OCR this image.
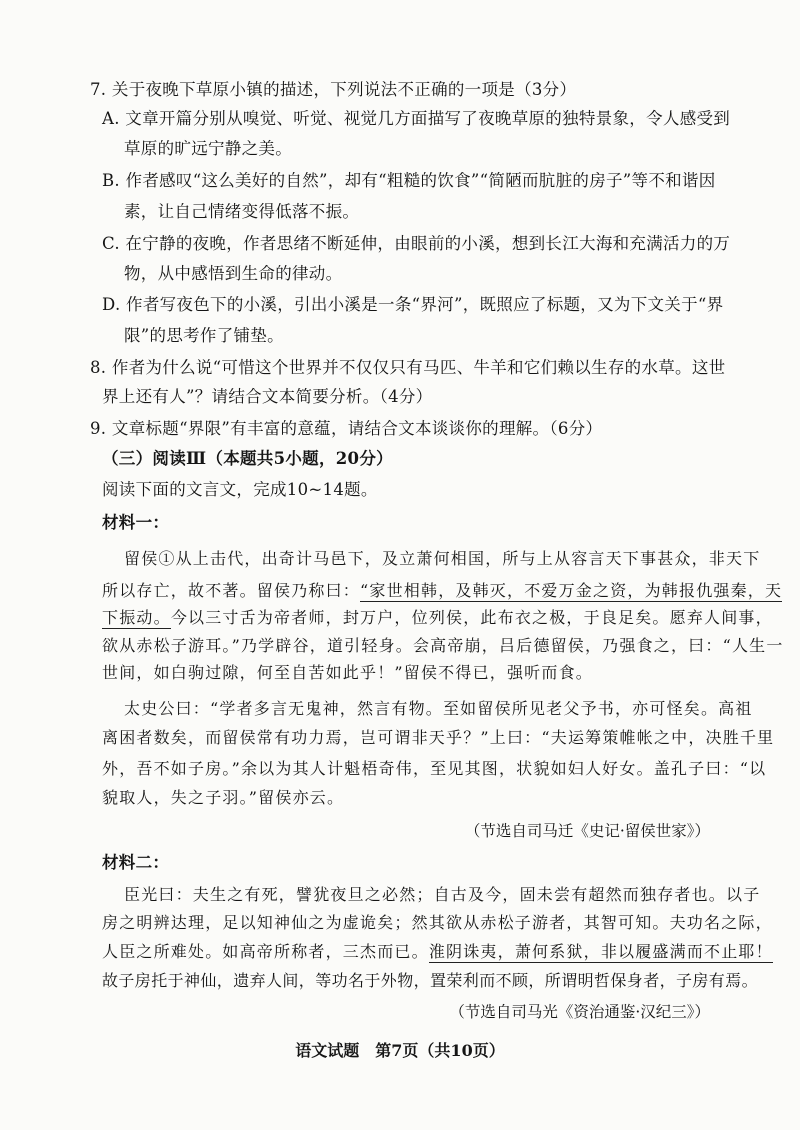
7. 关于夜晚下草原小镇的描述，下列说法不正确的一项是（3分）
A. 文章开篇分别从嗅觉、听觉、视觉几方面描写了夜晚草原的独特景象，令人感受到
草原的旷远宁静之美。
B. 作者感叹“这么美好的自然”，却有“粗糙的饮食”“简陋而肮脏的房子”等不和谐因
素，让自己情绪变得低落不振。
C. 在宁静的夜晚，作者思绪不断延伸，由眼前的小溪，想到长江大海和充满活力的万
物，从中感悟到生命的律动。
D. 作者写夜色下的小溪，引出小溪是一条“界河”，既照应了标题，又为下文关于“界
限”的思考作了铺垫。
8. 作者为什么说“可惜这个世界并不仅仅只有马匹、牛羊和它们赖以生存的水草。这世
界上还有人”？请结合文本简要分析。（4分）
9. 文章标题“界限”有丰富的意蕴，请结合文本谈谈你的理解。（6分）
（三）阅读Ⅲ（本题共5小题，20分）
阅读下面的文言文，完成10~14题。
材料一：
留侯①从上击代，出奇计马邑下，及立萧何相国，所与上从容言天下事甚众，非天下
所以存亡，故不著。留侯乃称曰：“家世相韩，及韩灭，不爱万金之资，为韩报仇强秦，天
下振动。今以三寸舌为帝者师，封万户，位列侯，此布衣之极，于良足矣。愿弃人间事，
欲从赤松子游耳。”乃学辟谷，道引轻身。会高帝崩，吕后德留侯，乃强食之，曰：“人生一
世间，如白驹过隙，何至自苦如此乎！”留侯不得已，强听而食。
太史公曰：“学者多言无鬼神，然言有物。至如留侯所见老父予书，亦可怪矣。高祖
离困者数矣，而留侯常有功力焉，岂可谓非天乎？”上曰：“夫运筹策帷帐之中，决胜千里
外，吾不如子房。”余以为其人计魁梧奇伟，至见其图，状貌如妇人好女。盖孔子曰：“以
貌取人，失之子羽。”留侯亦云。
（节选自司马迁《史记·留侯世家》）
材料二：
臣光曰：夫生之有死，譬犹夜旦之必然；自古及今，固未尝有超然而独存者也。以子
房之明辨达理，足以知神仙之为虚诡矣；然其欲从赤松子游者，其智可知。夫功名之际，
人臣之所难处。如高帝所称者，三杰而已。淮阴诛夷，萧何系狱，非以履盛满而不止耶！
故子房托于神仙，遗弃人间，等功名于外物，置荣利而不顾，所谓明哲保身者，子房有焉。
（节选自司马光《资治通鉴·汉纪三》）
语文试题　第7页（共10页）
